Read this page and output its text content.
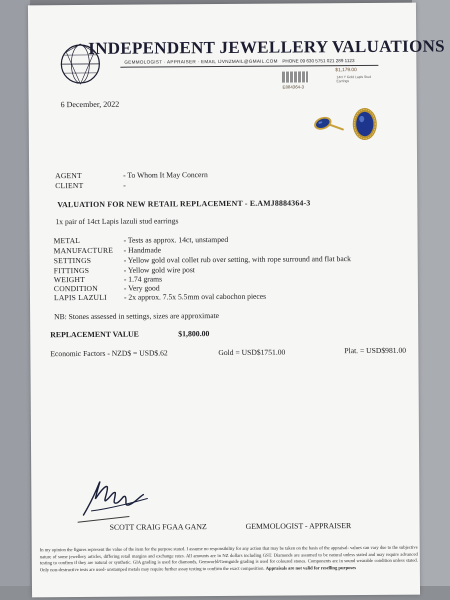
INDEPENDENT JEWELLERY VALUATIONS
GEMMOLOGIST · APPRAISER · EMAIL IJVNZMAIL@GMAIL.COM PHONE 09 630 5751 021 289 1123
$1,179.00
14ct Y Gold Lapis Stud Earrings
E884364-3
6 December, 2022
AGENT	- To Whom It May Concern
CLIENT	-
VALUATION FOR NEW RETAIL REPLACEMENT - E.AMJ8884364-3
1x pair of 14ct Lapis lazuli stud earrings
METAL	- Tests as approx. 14ct, unstamped
MANUFACTURE - Handmade
SETTINGS	- Yellow gold oval collet rub over setting, with rope surround and flat back
FITTINGS	- Yellow gold wire post
WEIGHT	- 1.74 grams
CONDITION	- Very good
LAPIS LAZULI - 2x approx. 7.5x 5.5mm oval cabochon pieces
NB: Stones assessed in settings, sizes are approximate
REPLACEMENT VALUE	$1,800.00
Economic Factors - NZD$ = USD$.62	Gold = USD$1751.00	Plat. = USD$981.00
SCOTT CRAIG FGAA GANZ	GEMMOLOGIST - APPRAISER
In my opinion the figures represent the value of the item for the purpose stated. I assume no responsibility for any action that may be taken on the basis of the appraisal- values can vary due to the subjective nature of some jewellery articles, differing retail margins and exchange rates. All amounts are in NZ dollars including GST. Diamonds are assumed to be natural unless stated and may require advanced testing to confirm if they are natural or synthetic. GIA grading is used for diamonds, Gemworld/Gemguide grading is used for coloured stones. Components are in sound wearable condition unless stated. Only non-destructive tests are used- unstamped metals may require further assay testing to confirm the exact composition. Appraisals are not valid for reselling purposes
